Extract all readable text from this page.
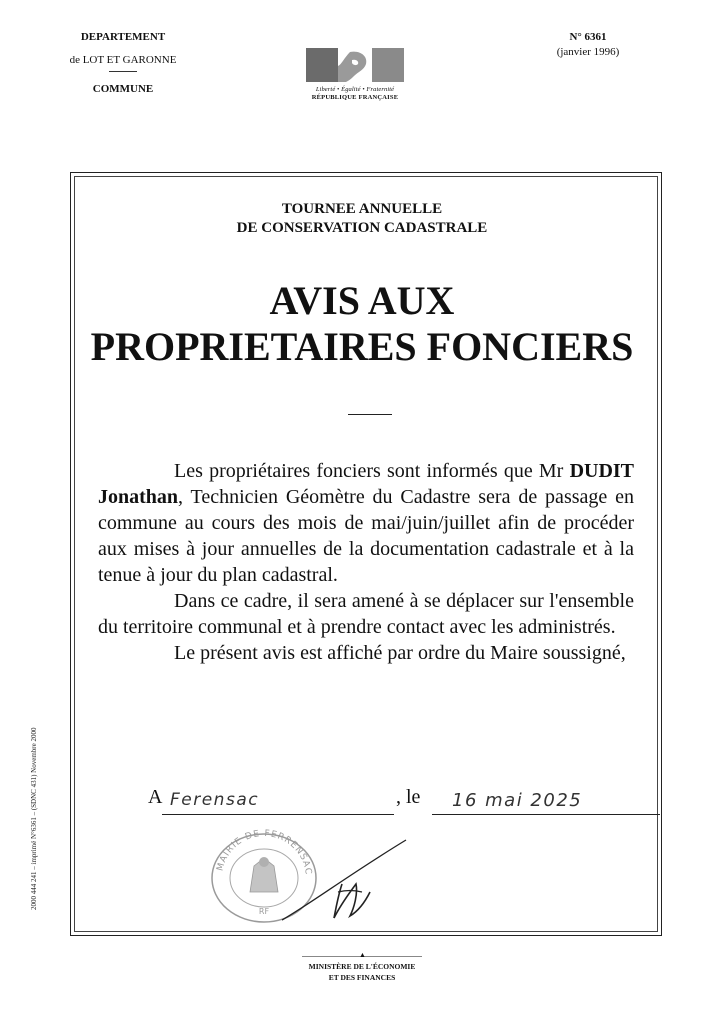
DEPARTEMENT
de LOT ET GARONNE
COMMUNE	Liberté • Égalité • Fraternité
RÉPUBLIQUE FRANÇAISE
N° 6361
(janvier 1996)
TOURNEE ANNUELLE
DE CONSERVATION CADASTRALE
AVIS AUX
PROPRIETAIRES FONCIERS

Les propriétaires fonciers sont informés que Mr DUDIT Jonathan, Technicien Géomètre du Cadastre sera de passage en commune au cours des mois de mai/juin/juillet afin de procéder aux mises à jour annuelles de la documentation cadastrale et à la tenue à jour du plan cadastral.

Dans ce cadre, il sera amené à se déplacer sur l'ensemble du territoire communal et à prendre contact avec les administrés.

Le présent avis est affiché par ordre du Maire soussigné,

A Ferensac	, le 16 mai 2025
MAIRIE DE FERRENSAC
RF
2000 444 241 – imprimé N°6361 – (SDNC 431) Novembre 2000
▲
MINISTÈRE DE L'ÉCONOMIE
ET DES FINANCES
